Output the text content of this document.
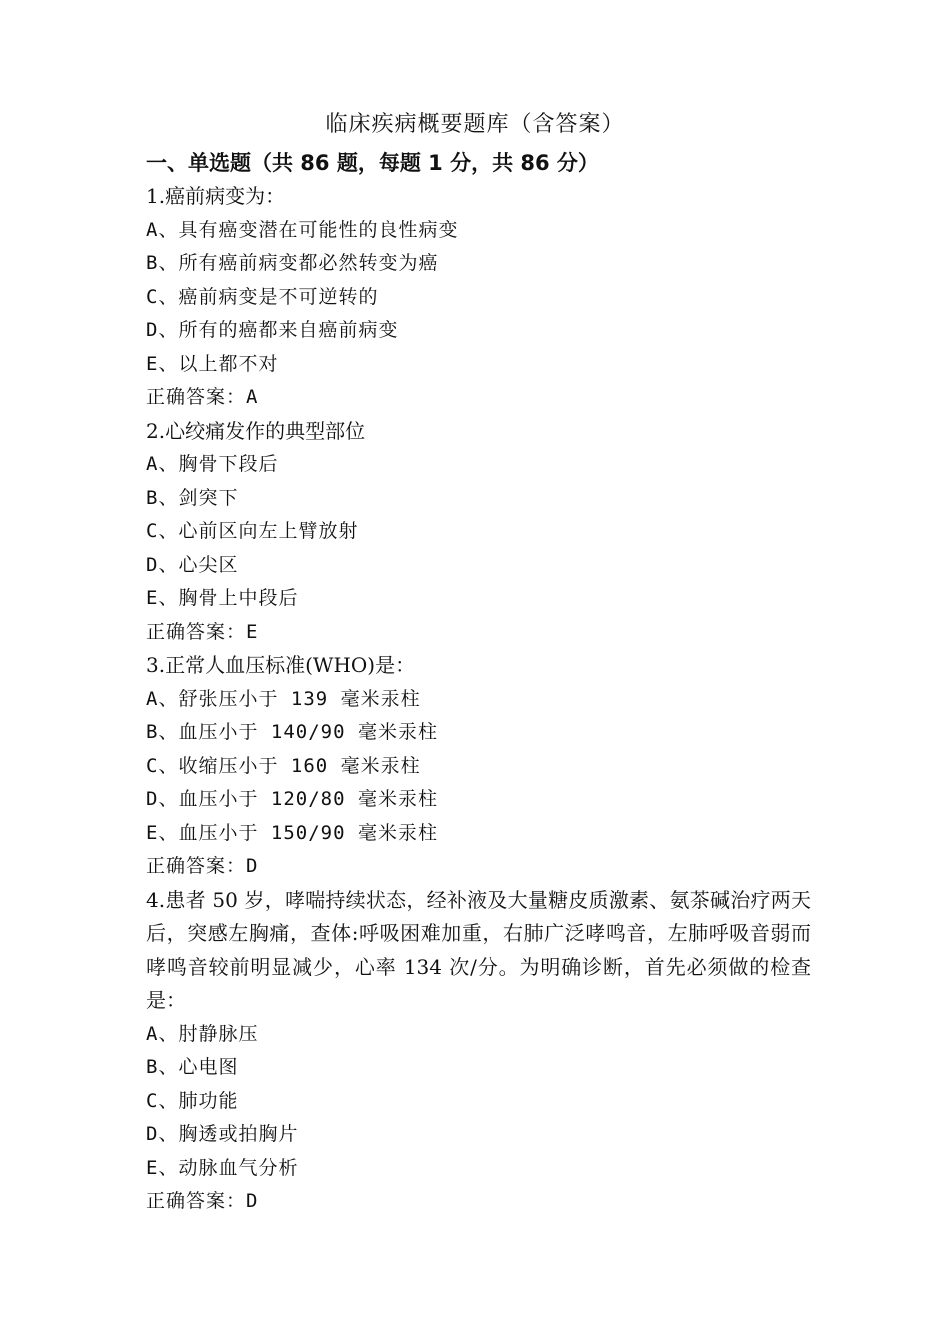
临床疾病概要题库（含答案）
一、单选题（共 86 题，每题 1 分，共 86 分）
1.癌前病变为：
A、具有癌变潜在可能性的良性病变
B、所有癌前病变都必然转变为癌
C、癌前病变是不可逆转的
D、所有的癌都来自癌前病变
E、以上都不对
正确答案：A
2.心绞痛发作的典型部位
A、胸骨下段后
B、剑突下
C、心前区向左上臂放射
D、心尖区
E、胸骨上中段后
正确答案：E
3.正常人血压标准(WHO)是：
A、舒张压小于 139 毫米汞柱
B、血压小于 140/90 毫米汞柱
C、收缩压小于 160 毫米汞柱
D、血压小于 120/80 毫米汞柱
E、血压小于 150/90 毫米汞柱
正确答案：D
4.患者 50 岁，哮喘持续状态，经补液及大量糖皮质激素、氨茶碱治疗两天后，突感左胸痛，查体:呼吸困难加重，右肺广泛哮鸣音，左肺呼吸音弱而哮鸣音较前明显减少，心率 134 次/分。为明确诊断，首先必须做的检查是：
A、肘静脉压
B、心电图
C、肺功能
D、胸透或拍胸片
E、动脉血气分析
正确答案：D
